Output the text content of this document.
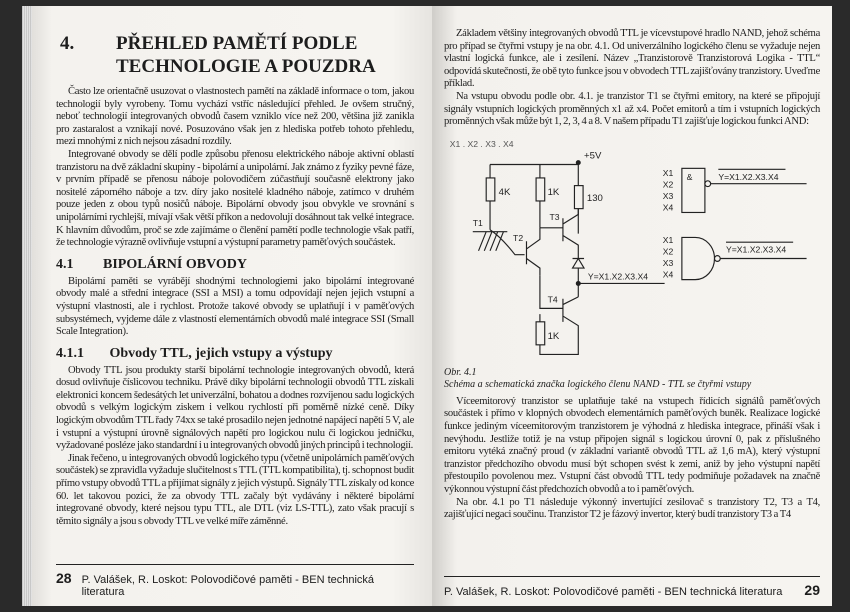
4.	PŘEHLED PAMĚTÍ PODLE TECHNOLOGIE A POUZDRA

Často lze orientačně usuzovat o vlastnostech pamětí na základě informace o tom, jakou technologií byly vyrobeny. Tomu vychází vstříc následující přehled. Je ovšem stručný, neboť technologií integrovaných obvodů časem vzniklo více než 200, většina již zanikla pro zastaralost a vznikají nové. Posuzováno však jen z hlediska potřeb tohoto přehledu, mezi mnohými z nich nejsou zásadní rozdíly.

Integrované obvody se dělí podle způsobu přenosu elektrického náboje aktivní oblastí tranzistoru na dvě základní skupiny - bipolární a unipolární. Jak známo z fyziky pevné fáze, v prvním případě se přenosu náboje polovodičem zúčastňují současně elektrony jako nositelé záporného náboje a tzv. díry jako nositelé kladného náboje, zatímco v druhém pouze jeden z obou typů nosičů náboje. Bipolární obvody jsou obvykle ve srovnání s unipolárními rychlejší, mívají však větší příkon a nedovolují dosáhnout tak velké integrace. K hlavním důvodům, proč se zde zajímáme o členění pamětí podle technologie však patří, že technologie výrazně ovlivňuje vstupní a výstupní parametry paměťových součástek.

4.1 BIPOLÁRNÍ OBVODY

Bipolární paměti se vyrábějí shodnými technologiemi jako bipolární integrované obvody malé a střední integrace (SSI a MSI) a tomu odpovídají nejen jejich vstupní a výstupní vlastnosti, ale i rychlost. Protože takové obvody se uplatňují i v paměťových subsystémech, vyjdeme dále z vlastností elementárních obvodů malé integrace SSI (Small Scale Integration).

4.1.1 Obvody TTL, jejich vstupy a výstupy

Obvody TTL jsou produkty starší bipolární technologie integrovaných obvodů, která dosud ovlivňuje číslicovou techniku. Právě díky bipolární technologii obvodů TTL získali elektronici koncem šedesátých let univerzální, bohatou a dodnes rozvíjenou sadu logických obvodů s velkým logickým ziskem i velkou rychlostí při poměrně nízké ceně. Díky logickým obvodům TTL řady 74xx se také prosadilo nejen jednotné napájecí napětí 5 V, ale i vstupní a výstupní úrovně signálových napětí pro logickou nulu či logickou jedničku, vyžadované posléze jako standardní i u integrovaných obvodů jiných principů i technologií.

Jinak řečeno, u integrovaných obvodů logického typu (včetně unipolárních paměťových součástek) se zpravidla vyžaduje slučitelnost s TTL (TTL kompatibilita), tj. schopnost budit přímo vstupy obvodů TTL a přijímat signály z jejich výstupů. Signály TTL získaly od konce 60. let takovou pozici, že za obvody TTL začaly být vydávány i některé bipolární integrované obvody, které nejsou typu TTL, ale DTL (viz LS-TTL), zato však pracují s těmito signály a jsou s obvody TTL ve velké míře záměnné.

28 P. Valášek, R. Loskot: Polovodičové paměti - BEN technická literatura

Základem většiny integrovaných obvodů TTL je vícevstupové hradlo NAND, jehož schéma pro případ se čtyřmi vstupy je na obr. 4.1. Od univerzálního logického členu se vyžaduje nejen vlastní logická funkce, ale i zesílení. Název „Tranzistorově Tranzistorová Logika - TTL“ odpovídá skutečnosti, že obě tyto funkce jsou v obvodech TTL zajišťovány tranzistory. Uveďme příklad.

Na vstupu obvodu podle obr. 4.1. je tranzistor T1 se čtyřmi emitory, na které se připojují signály vstupních logických proměnných x1 až x4. Počet emitorů a tím i vstupních logických proměnných však může být 1, 2, 3, 4 a 8. V našem případu T1 zajišťuje logickou funkci AND:

X1 . X2 . X3 . X4
+5V
4K	1K
130
T1
T2
T3
Y=X1.X2.X3.X4
T4
1K
X1
X2
X3
X4
&	Y=X1.X2.X3.X4
X1
X2
X3
X4
Y=X1.X2.X3.X4
Obr. 4.1
Schéma a schematická značka logického členu NAND - TTL se čtyřmi vstupy

Víceemitorový tranzistor se uplatňuje také na vstupech řídicích signálů paměťových součástek i přímo v klopných obvodech elementárních paměťových buněk. Realizace logické funkce jediným víceemitorovým tranzistorem je výhodná z hlediska integrace, přináší však i nevýhodu. Jestliže totiž je na vstup připojen signál s logickou úrovní 0, pak z příslušného emitoru vytéká značný proud (v základní variantě obvodů TTL až 1,6 mA), který výstupní tranzistor předchozího obvodu musí být schopen svést k zemi, aniž by jeho výstupní napětí přestoupilo povolenou mez. Vstupní část obvodů TTL tedy podmiňuje požadavek na značně výkonnou výstupní část předchozích obvodů a to i paměťových.

Na obr. 4.1 po T1 následuje výkonný invertující zesilovač s tranzistory T2, T3 a T4, zajišťující negaci součinu. Tranzistor T2 je fázový invertor, který budí tranzistory T3 a T4

P. Valášek, R. Loskot: Polovodičové paměti - BEN technická literatura 29
